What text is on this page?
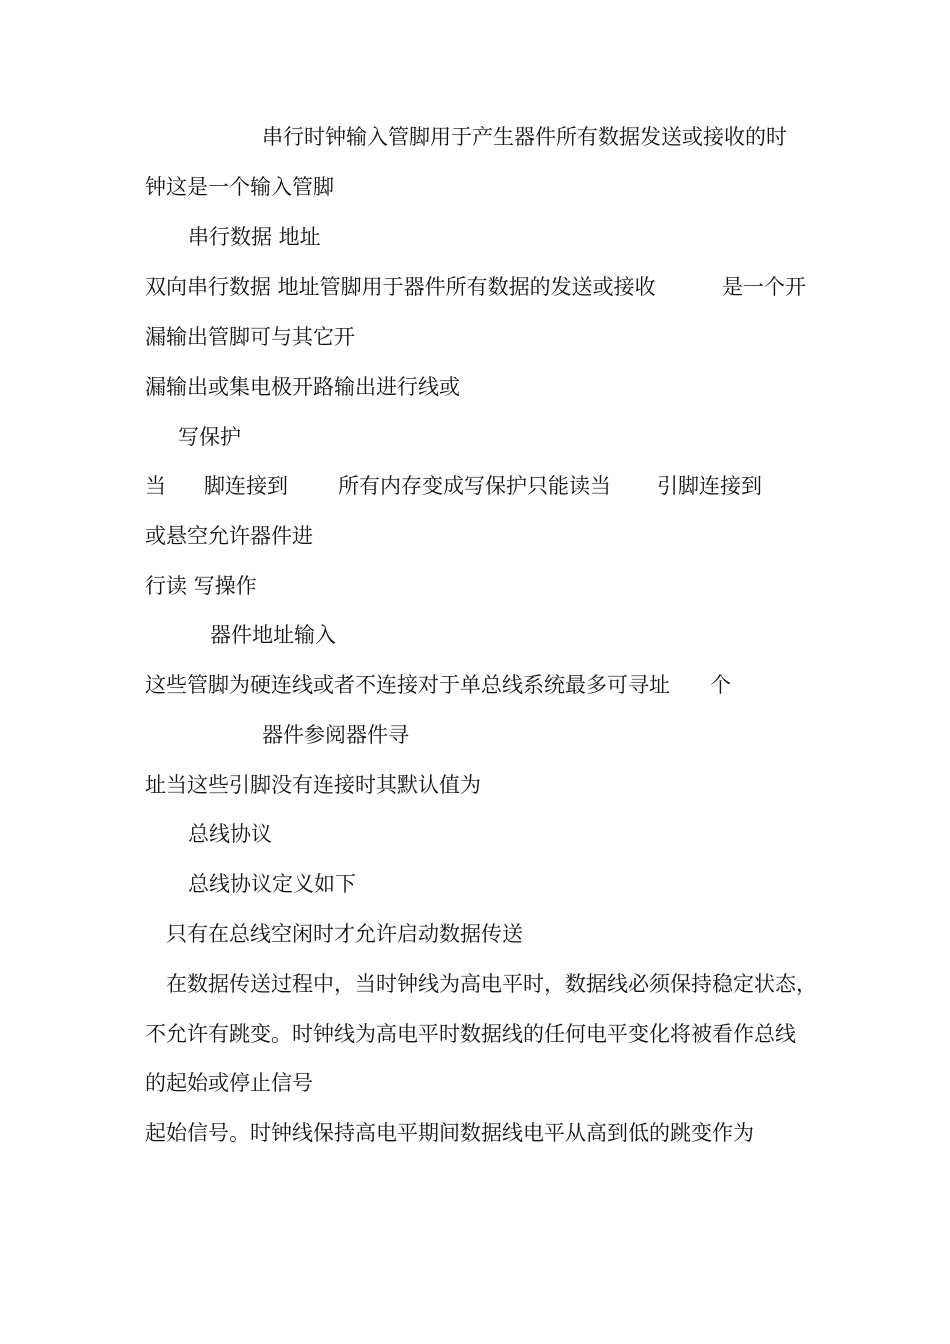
串行时钟输入管脚用于产生器件所有数据发送或接收的时
钟这是一个输入管脚
串行数据 地址
双向串行数据 地址管脚用于器件所有数据的发送或接收	是一个开
漏输出管脚可与其它开
漏输出或集电极开路输出进行线或
写保护
当 脚连接到 所有内存变成写保护只能读当 引脚连接到
或悬空允许器件进
行读 写操作
器件地址输入
这些管脚为硬连线或者不连接对于单总线系统最多可寻址 个
器件参阅器件寻
址当这些引脚没有连接时其默认值为
总线协议
总线协议定义如下
只有在总线空闲时才允许启动数据传送
在数据传送过程中，当时钟线为高电平时，数据线必须保持稳定状态，
不允许有跳变。时钟线为高电平时数据线的任何电平变化将被看作总线
的起始或停止信号
起始信号。时钟线保持高电平期间数据线电平从高到低的跳变作为
